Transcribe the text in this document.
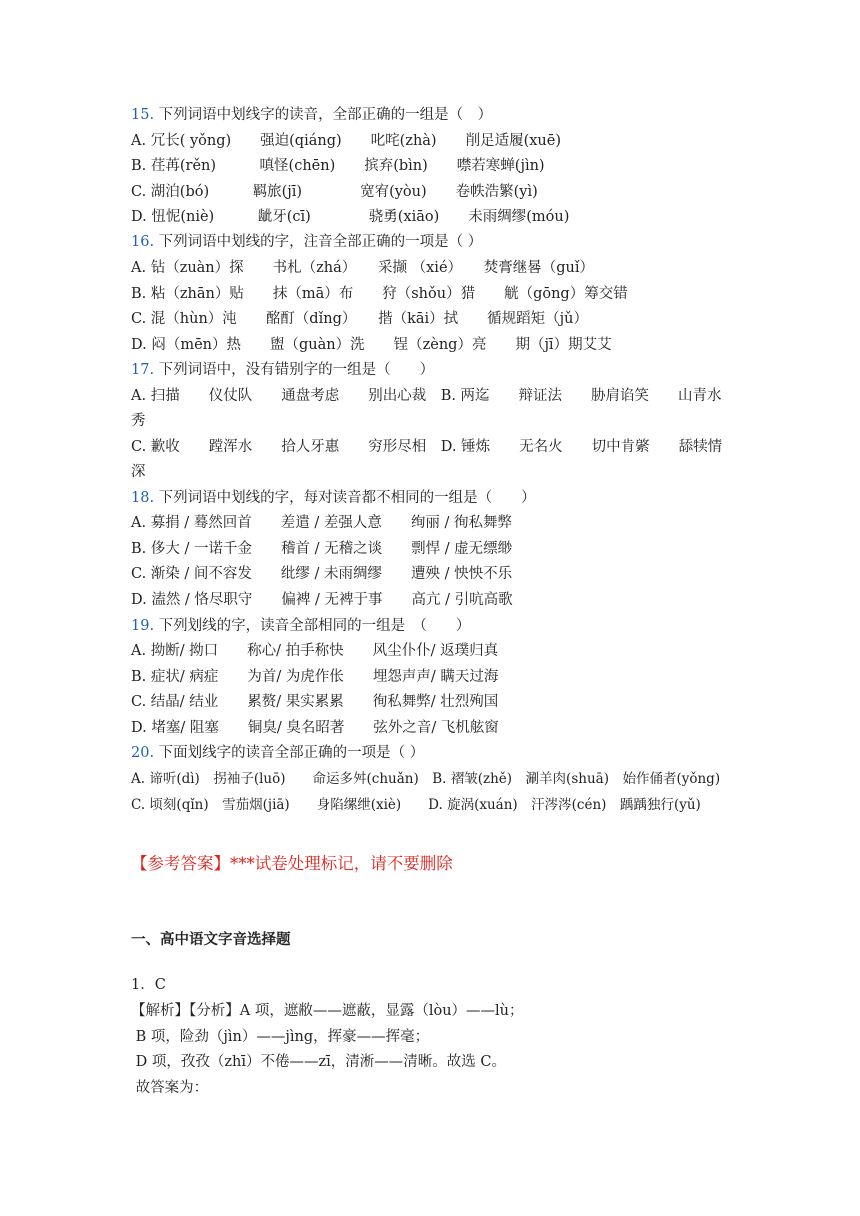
15. 下列词语中划线字的读音，全部正确的一组是（　）
A. 冗长( yǒng)　　强迫(qiáng)　　叱咤(zhà)　　削足适履(xuē)
B. 荏苒(rěn)　　　嗔怪(chēn)　　摈弃(bìn)　　噤若寒蝉(jìn)
C. 湖泊(bó)　　　羁旅(jī)　　　　宽宥(yòu)　　卷帙浩繁(yì)
D. 忸怩(niè)　　　龇牙(cī)　　　　骁勇(xiāo)　　未雨绸缪(móu)
16. 下列词语中划线的字，注音全部正确的一项是（ ）
A. 钻（zuàn）探　　书札（zhá）　　采撷 （xié）　　焚膏继晷（guǐ）
B. 粘（zhān）贴　　抹（mā）布　　狩（shǒu）猎　　觥（gōng）筹交错
C. 混（hùn）沌　　酩酊（dǐng）　　揩（kāi）拭　　循规蹈矩（jǔ）
D. 闷（mēn）热　　盥（guàn）洗　　锃（zèng）亮　　期（jī）期艾艾
17. 下列词语中，没有错别字的一组是（　　）
A. 扫描　　仪仗队　　通盘考虑　　别出心裁　B. 两迄　　辩证法　　胁肩谄笑　　山青水
秀
C. 歉收　　蹚浑水　　拾人牙惠　　穷形尽相　D. 锤炼　　无名火　　切中肯綮　　舔犊情
深
18. 下列词语中划线的字，每对读音都不相同的一组是（　　）
A. 募捐 / 蓦然回首　　差遣 / 差强人意　　绚丽 / 徇私舞弊
B. 侈大 / 一诺千金　　稽首 / 无稽之谈　　剽悍 / 虚无缥缈
C. 渐染 / 间不容发　　纰缪 / 未雨绸缪　　遭殃 / 怏怏不乐
D. 溘然 / 恪尽职守　　偏裨 / 无裨于事　　高亢 / 引吭高歌
19. 下列划线的字，读音全部相同的一组是　（　　）
A. 拗断/ 拗口　　称心/ 拍手称快　　风尘仆仆/ 返璞归真
B. 症状/ 病症　　为首/ 为虎作伥　　埋怨声声/ 瞒天过海
C. 结晶/ 结业　　累赘/ 果实累累　　徇私舞弊/ 壮烈殉国
D. 堵塞/ 阻塞　　铜臭/ 臭名昭著　　弦外之音/ 飞机舷窗
20. 下面划线字的读音全部正确的一项是（ ）
A. 谛听(dì)　拐袖子(luō)　　命运多舛(chuǎn)　B. 褶皱(zhě)　涮羊肉(shuā)　始作俑者(yǒng)
C. 顷刻(qǐn)　雪茄烟(jiā)　　身陷缧绁(xiè)　　D. 旋涡(xuán)　汗涔涔(cén)　踽踽独行(yǔ)
【参考答案】***试卷处理标记，请不要删除
一、高中语文字音选择题
1．C
【解析】【分析】A 项，遮敝——遮蔽，显露（lòu）——lù；
B 项，险劲（jìn）——jìng，挥豪——挥毫；
D 项，孜孜（zhī）不倦——zī，清淅——清晰。故选 C。
故答案为：
